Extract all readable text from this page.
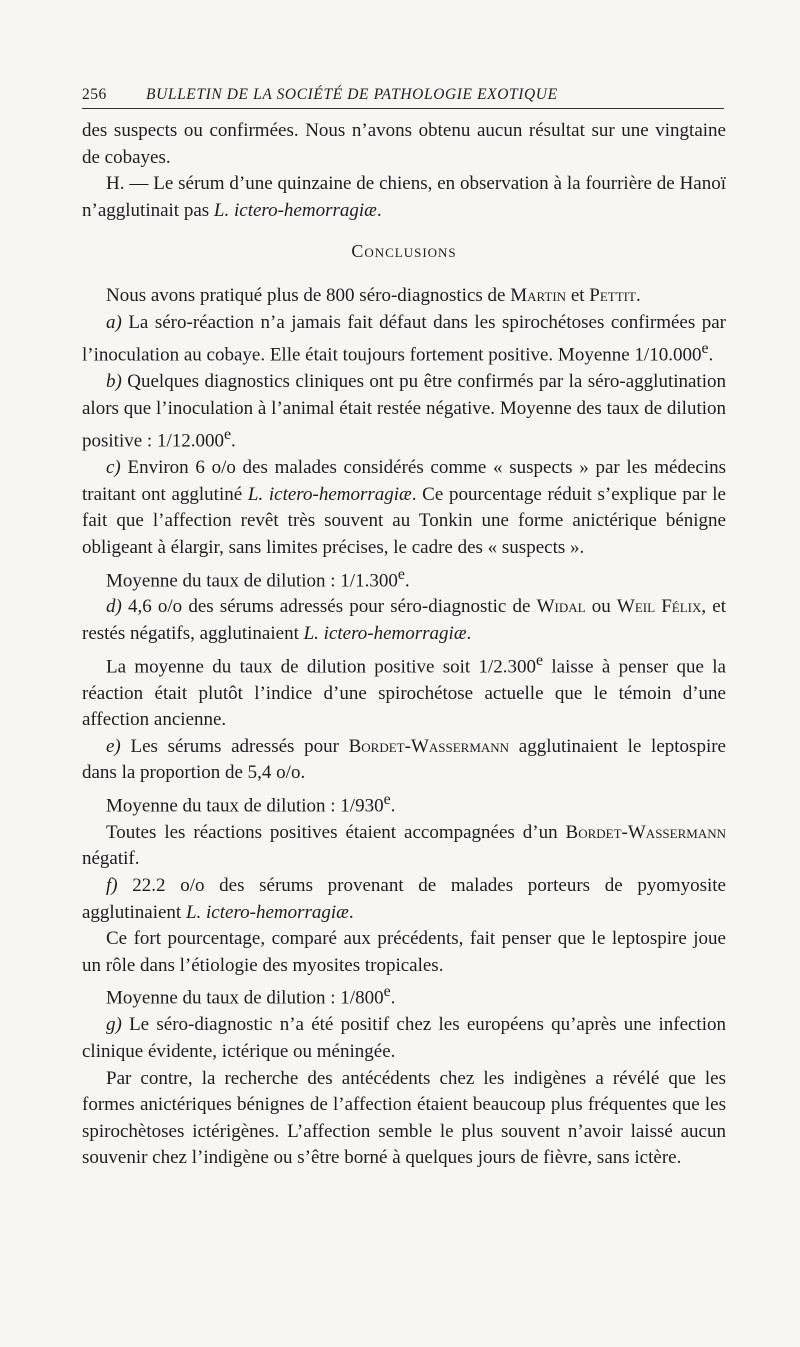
256	BULLETIN DE LA SOCIÉTÉ DE PATHOLOGIE EXOTIQUE

des suspects ou confirmées. Nous n’avons obtenu aucun résultat sur une vingtaine de cobayes.

H. — Le sérum d’une quinzaine de chiens, en observation à la fourrière de Hanoï n’agglutinait pas L. ictero-hemorragiæ.

Conclusions

Nous avons pratiqué plus de 800 séro-diagnostics de Martin et Pettit.

a) La séro-réaction n’a jamais fait défaut dans les spirochétoses confirmées par l’inoculation au cobaye. Elle était toujours fortement positive. Moyenne 1/10.000e.

b) Quelques diagnostics cliniques ont pu être confirmés par la séro-agglutination alors que l’inoculation à l’animal était restée négative. Moyenne des taux de dilution positive : 1/12.000e.

c) Environ 6 o/o des malades considérés comme « suspects » par les médecins traitant ont agglutiné L. ictero-hemorragiæ. Ce pourcentage réduit s’explique par le fait que l’affection revêt très souvent au Tonkin une forme anictérique bénigne obligeant à élargir, sans limites précises, le cadre des « suspects ».

Moyenne du taux de dilution : 1/1.300e.

d) 4,6 o/o des sérums adressés pour séro-diagnostic de Widal ou Weil Félix, et restés négatifs, agglutinaient L. ictero-hemorragiæ.

La moyenne du taux de dilution positive soit 1/2.300e laisse à penser que la réaction était plutôt l’indice d’une spirochétose actuelle que le témoin d’une affection ancienne.

e) Les sérums adressés pour Bordet-Wassermann agglutinaient le leptospire dans la proportion de 5,4 o/o.

Moyenne du taux de dilution : 1/930e.

Toutes les réactions positives étaient accompagnées d’un Bordet-Wassermann négatif.

f) 22.2 o/o des sérums provenant de malades porteurs de pyomyosite agglutinaient L. ictero-hemorragiæ.

Ce fort pourcentage, comparé aux précédents, fait penser que le leptospire joue un rôle dans l’étiologie des myosites tropicales.

Moyenne du taux de dilution : 1/800e.

g) Le séro-diagnostic n’a été positif chez les européens qu’après une infection clinique évidente, ictérique ou méningée.

Par contre, la recherche des antécédents chez les indigènes a révélé que les formes anictériques bénignes de l’affection étaient beaucoup plus fréquentes que les spirochètoses ictérigènes. L’affection semble le plus souvent n’avoir laissé aucun souvenir chez l’indigène ou s’être borné à quelques jours de fièvre, sans ictère.
